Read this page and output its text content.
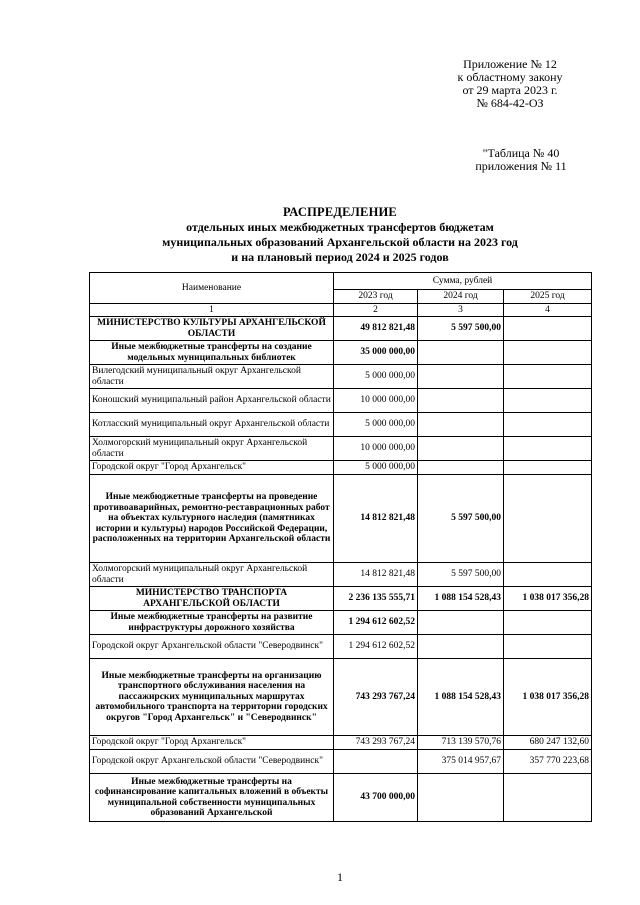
Приложение № 12
к областному закону
от 29 марта 2023 г.
№ 684-42-ОЗ
"Таблица № 40
приложения № 11
РАСПРЕДЕЛЕНИЕ
отдельных иных межбюджетных трансфертов бюджетам
муниципальных образований Архангельской области на 2023 год
и на плановый период 2024 и 2025 годов
Наименование	Сумма, рублей		
	2023 год	2024 год	2025 год
1	2	3	4
МИНИСТЕРСТВО КУЛЬТУРЫ АРХАНГЕЛЬСКОЙ ОБЛАСТИ	49 812 821,48	5 597 500,00	
Иные межбюджетные трансферты на создание модельных муниципальных библиотек	35 000 000,00		
Вилегодский муниципальный округ Архангельской области	5 000 000,00		
Коношский муниципальный район Архангельской области	10 000 000,00		
Котласский муниципальный округ Архангельской области	5 000 000,00		
Холмогорский муниципальный округ Архангельской области	10 000 000,00		
Городской округ "Город Архангельск"	5 000 000,00		
Иные межбюджетные трансферты на проведение противоаварийных, ремонтно-реставрационных работ на объектах культурного наследия (памятниках истории и культуры) народов Российской Федерации, расположенных на территории Архангельской области	14 812 821,48	5 597 500,00	
Холмогорский муниципальный округ Архангельской области	14 812 821,48	5 597 500,00	
МИНИСТЕРСТВО ТРАНСПОРТА АРХАНГЕЛЬСКОЙ ОБЛАСТИ	2 236 135 555,71	1 088 154 528,43	1 038 017 356,28
Иные межбюджетные трансферты на развитие инфраструктуры дорожного хозяйства	1 294 612 602,52		
Городской округ Архангельской области "Северодвинск"	1 294 612 602,52		
Иные межбюджетные трансферты на организацию транспортного обслуживания населения на пассажирских муниципальных маршрутах автомобильного транспорта на территории городских округов "Город Архангельск" и "Северодвинск"	743 293 767,24	1 088 154 528,43	1 038 017 356,28
Городской округ "Город Архангельск"	743 293 767,24	713 139 570,76	680 247 132,60
Городской округ Архангельской области "Северодвинск"		375 014 957,67	357 770 223,68
Иные межбюджетные трансферты на софинансирование капитальных вложений в объекты муниципальной собственности муниципальных образований Архангельской	43 700 000,00		
1
